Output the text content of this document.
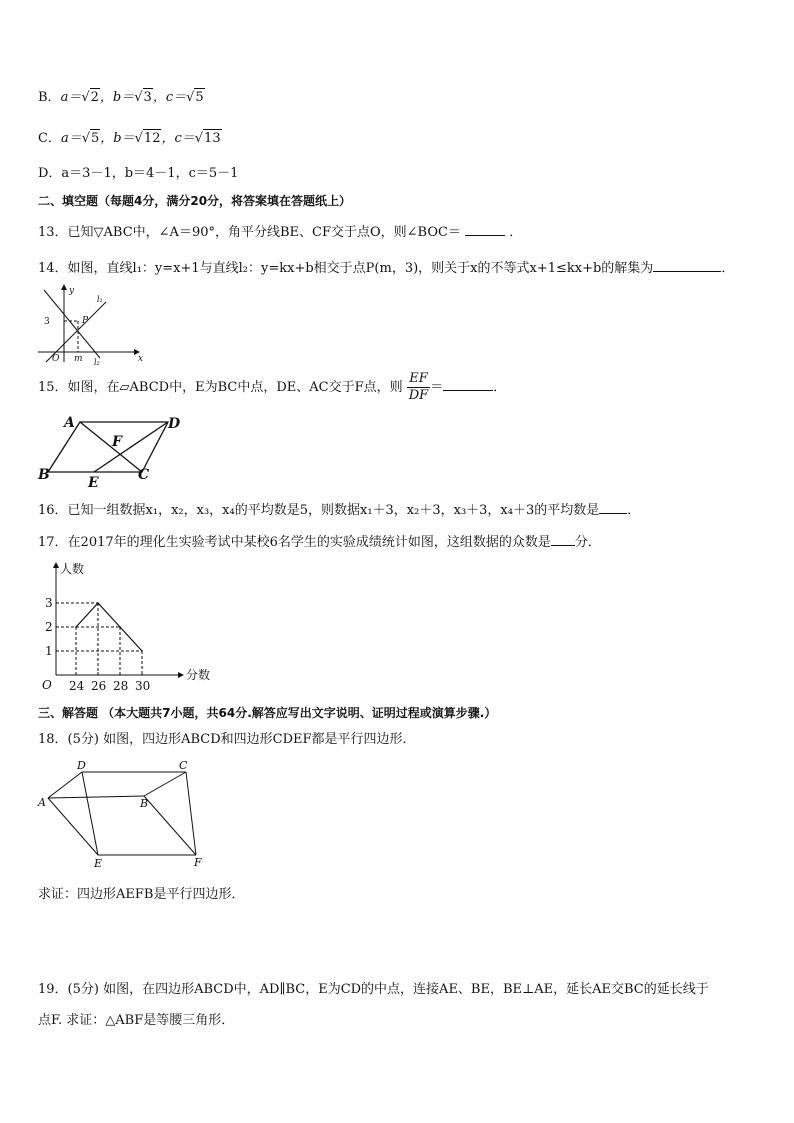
B．a＝√2，b＝√3，c＝√5
C．a＝√5，b＝√12，c＝√13
D．a＝3－1，b＝4－1，c＝5－1
二、填空题（每题4分，满分20分，将答案填在答题纸上）
13．已知▽ABC中，∠A＝90°，角平分线BE、CF交于点O，则∠BOC＝	．
14．如图，直线l₁：y=x+1与直线l₂：y=kx+b相交于点P(m，3)，则关于x的不等式x+1≤kx+b的解集为	．
y
x
3
O m
P
l₁
l₂
15．如图，在▱ABCD中，E为BC中点，DE、AC交于F点，则 $\frac{EF}{DF}$ ＝	．
A	D
B	C
E
F
16．已知一组数据x₁，x₂，x₃，x₄的平均数是5，则数据x₁＋3，x₂＋3，x₃＋3，x₄＋3的平均数是 ．
17．在2017年的理化生实验考试中某校6名学生的实验成绩统计如图，这组数据的众数是 分．
人数
分数
O
1
2
3
24 26 28 30
三、解答题 （本大题共7小题，共64分.解答应写出文字说明、证明过程或演算步骤.）
18．(5分) 如图，四边形ABCD和四边形CDEF都是平行四边形．
A
D	C
B
E	F
求证：四边形AEFB是平行四边形．
19．(5分) 如图，在四边形ABCD中，AD∥BC，E为CD的中点，连接AE、BE，BE⊥AE，延长AE交BC的延长线于
点F. 求证：△ABF是等腰三角形．
